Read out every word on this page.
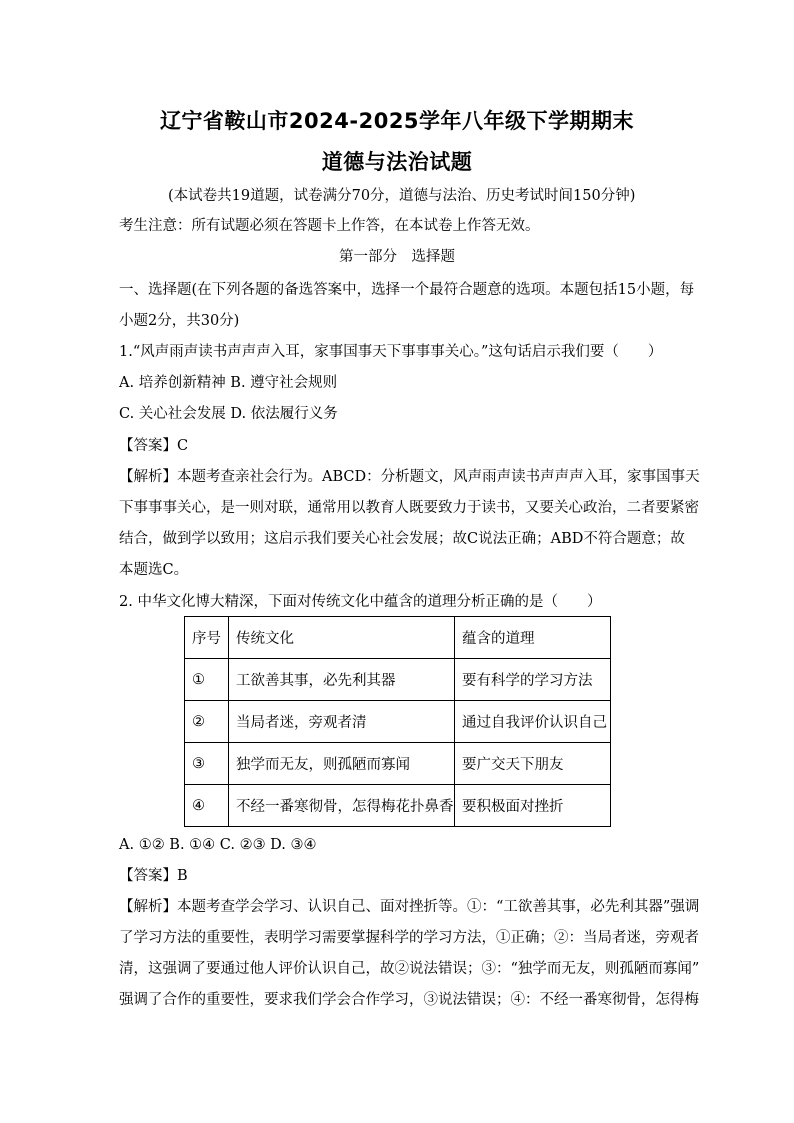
辽宁省鞍山市2024-2025学年八年级下学期期末
道德与法治试题
(本试卷共19道题，试卷满分70分，道德与法治、历史考试时间150分钟)
考生注意：所有试题必须在答题卡上作答，在本试卷上作答无效。
第一部分　选择题
一、选择题(在下列各题的备选答案中，选择一个最符合题意的选项。本题包括15小题，每
小题2分，共30分)
1.“风声雨声读书声声声入耳，家事国事天下事事事关心。”这句话启示我们要（　　）
A. 培养创新精神 B. 遵守社会规则
C. 关心社会发展 D. 依法履行义务
【答案】C
【解析】本题考查亲社会行为。ABCD：分析题文，风声雨声读书声声声入耳，家事国事天
下事事事关心，是一则对联，通常用以教育人既要致力于读书，又要关心政治，二者要紧密
结合，做到学以致用；这启示我们要关心社会发展；故C说法正确；ABD不符合题意；故
本题选C。
2. 中华文化博大精深，下面对传统文化中蕴含的道理分析正确的是（　　）
序号	传统文化	蕴含的道理
①	工欲善其事，必先利其器	要有科学的学习方法
②	当局者迷，旁观者清	通过自我评价认识自己
③	独学而无友，则孤陋而寡闻	要广交天下朋友
④	不经一番寒彻骨，怎得梅花扑鼻香	要积极面对挫折
A. ①② B. ①④ C. ②③ D. ③④
【答案】B
【解析】本题考查学会学习、认识自己、面对挫折等。①：“工欲善其事，必先利其器”强调
了学习方法的重要性，表明学习需要掌握科学的学习方法，①正确；②：当局者迷，旁观者
清，这强调了要通过他人评价认识自己，故②说法错误；③：“独学而无友，则孤陋而寡闻”
强调了合作的重要性，要求我们学会合作学习，③说法错误；④：不经一番寒彻骨，怎得梅
